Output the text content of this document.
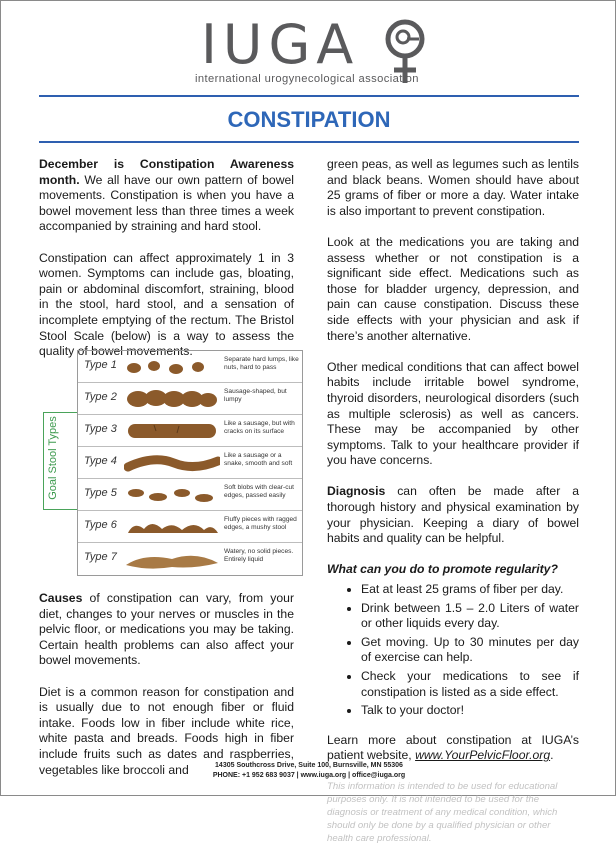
IUGA
international urogynecological association
CONSTIPATION

December is Constipation Awareness month. We all have our own pattern of bowel movements. Constipation is when you have a bowel movement less than three times a week accompanied by straining and hard stool.

Constipation can affect approximately 1 in 3 women. Symptoms can include gas, bloating, pain or abdominal discomfort, straining, blood in the stool, hard stool, and a sensation of incomplete emptying of the rectum. The Bristol Stool Scale (below) is a way to assess the quality of bowel movements.

Goal Stool Types
Type 1	Separate hard lumps, like nuts, hard to pass
Type 2	Sausage-shaped, but lumpy
Type 3	Like a sausage, but with cracks on its surface
Type 4	Like a sausage or a snake, smooth and soft
Type 5	Soft blobs with clear-cut edges, passed easily
Type 6	Fluffy pieces with ragged edges, a mushy stool
Type 7	Watery, no solid pieces. Entirely liquid

Causes of constipation can vary, from your diet, changes to your nerves or muscles in the pelvic floor, or medications you may be taking. Certain health problems can also affect your bowel movements.

Diet is a common reason for constipation and is usually due to not enough fiber or fluid intake. Foods low in fiber include white rice, white pasta and breads. Foods high in fiber include fruits such as dates and raspberries, vegetables like broccoli and

green peas, as well as legumes such as lentils and black beans. Women should have about 25 grams of fiber or more a day. Water intake is also important to prevent constipation.

Look at the medications you are taking and assess whether or not constipation is a significant side effect. Medications such as those for bladder urgency, depression, and pain can cause constipation. Discuss these side effects with your physician and ask if there’s another alternative.

Other medical conditions that can affect bowel habits include irritable bowel syndrome, thyroid disorders, neurological disorders (such as multiple sclerosis) as well as cancers. These may be accompanied by other symptoms. Talk to your healthcare provider if you have concerns.

Diagnosis can often be made after a thorough history and physical examination by your physician. Keeping a diary of bowel habits and quality can be helpful.

What can you do to promote regularity?

• Eat at least 25 grams of fiber per day.
• Drink between 1.5 – 2.0 Liters of water or other liquids every day.
• Get moving. Up to 30 minutes per day of exercise can help.
• Check your medications to see if constipation is listed as a side effect.
• Talk to your doctor!

Learn more about constipation at IUGA’s patient website, www.YourPelvicFloor.org.

This information is intended to be used for educational purposes only. It is not intended to be used for the diagnosis or treatment of any medical condition, which should only be done by a qualified physician or other health care professional.

14305 Southcross Drive, Suite 100, Burnsville, MN 55306
PHONE: +1 952 683 9037 | www.iuga.org | office@iuga.org
